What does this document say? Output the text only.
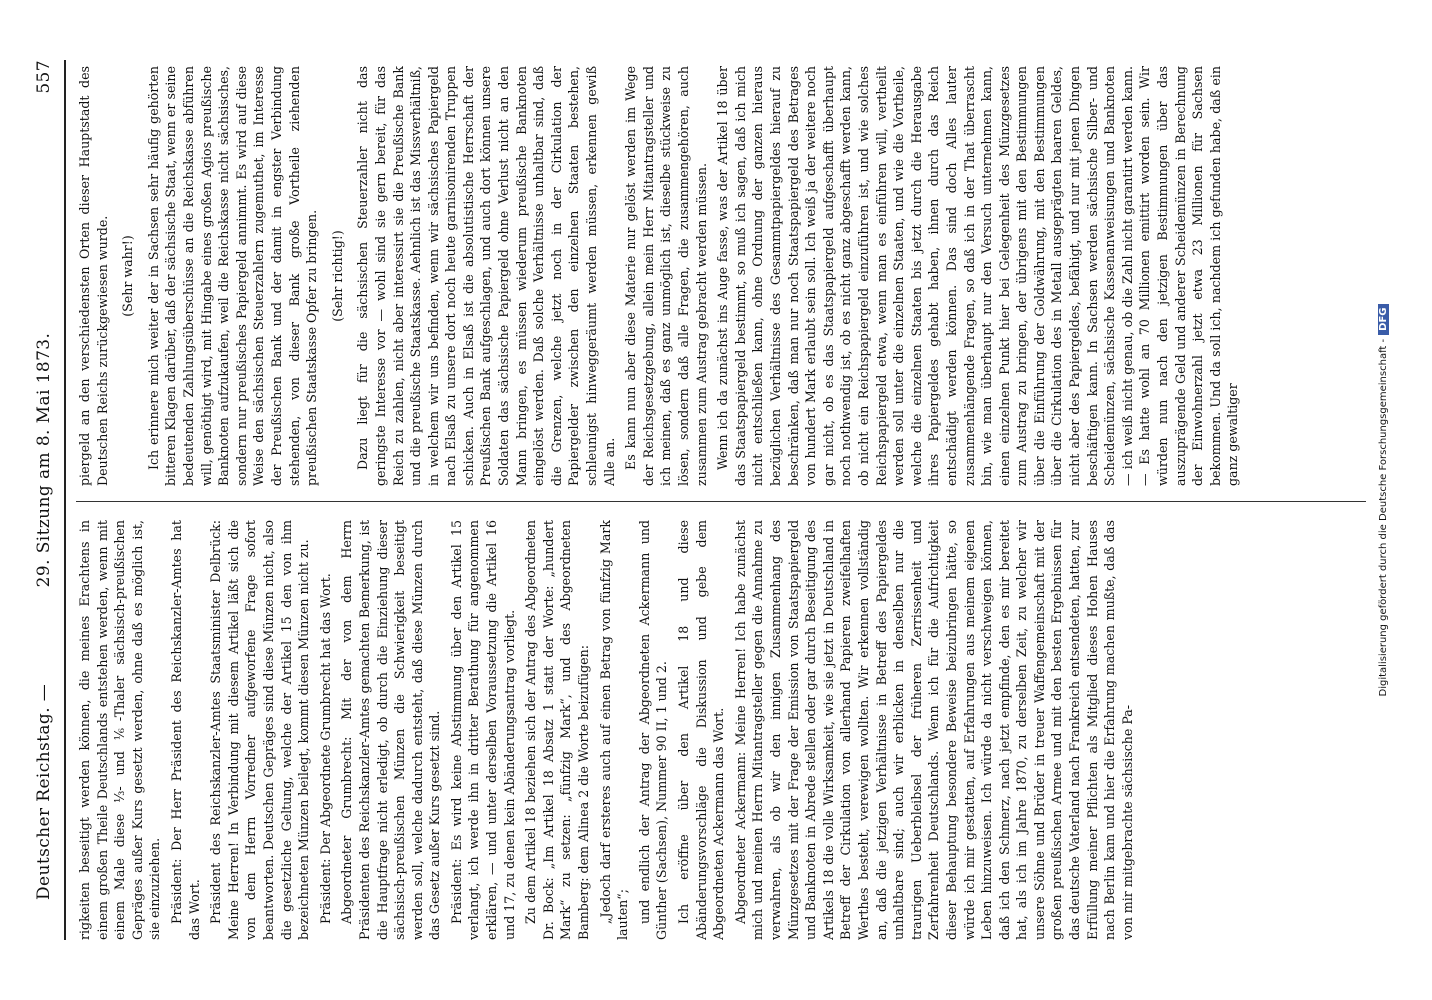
Deutscher Reichstag. —
29. Sitzung am 8. Mai 1873.
557

rigkeiten beseitigt werden können, die meines Erachtens in einem großen Theile Deutschlands entstehen werden, wenn mit einem Male diese ⅓- und ⅙-Thaler sächsisch-preußischen Gepräges außer Kurs gesetzt werden, ohne daß es möglich ist, sie einzuziehen. Präsident: Der Herr Präsident des Reichskanzler-Amtes hat das Wort. Präsident des Reichskanzler-Amtes Staatsminister Delbrück: Meine Herren! In Verbindung mit diesem Artikel läßt sich die von dem Herrn Vorredner aufgeworfene Frage sofort beantworten. Deutschen Gepräges sind diese Münzen nicht, also die gesetzliche Geltung, welche der Artikel 15 den von ihm bezeichneten Münzen beilegt, kommt diesen Münzen nicht zu. Präsident: Der Abgeordnete Grumbrecht hat das Wort. Abgeordneter Grumbrecht: Mit der von dem Herrn Präsidenten des Reichskanzler-Amtes gemachten Bemerkung, ist die Hauptfrage nicht erledigt, ob durch die Einziehung dieser sächsisch-preußischen Münzen die Schwierigkeit beseitigt werden soll, welche dadurch entsteht, daß diese Münzen durch das Gesetz außer Kurs gesetzt sind. Präsident: Es wird keine Abstimmung über den Artikel 15 verlangt, ich werde ihn in dritter Berathung für angenommen erklären, — und unter derselben Voraussetzung die Artikel 16 und 17, zu denen kein Abänderungsantrag vorliegt. Zu dem Artikel 18 beziehen sich der Antrag des Abgeordneten Dr. Bock: „Im Artikel 18 Absatz 1 statt der Worte: „hundert Mark“ zu setzen: „fünfzig Mark“, und des Abgeordneten Bamberg: dem Alinea 2 die Worte beizufügen: „Jedoch darf ersteres auch auf einen Betrag von fünfzig Mark lauten“; und endlich der Antrag der Abgeordneten Ackermann und Günther (Sachsen), Nummer 90 II, 1 und 2. Ich eröffne über den Artikel 18 und diese Abänderungsvorschläge die Diskussion und gebe dem Abgeordneten Ackermann das Wort. Abgeordneter Ackermann: Meine Herren! Ich habe zunächst mich und meinen Herrn Mitantragsteller gegen die Annahme zu verwahren, als ob wir den innigen Zusammenhang des Münzgesetzes mit der Frage der Emission von Staatspapiergeld und Banknoten in Abrede stellen oder gar durch Beseitigung des Artikels 18 die volle Wirksamkeit, wie sie jetzt in Deutschland in Betreff der Cirkulation von allerhand Papieren zweifelhaften Werthes besteht, verewigen wollten. Wir erkennen vollständig an, daß die jetzigen Verhältnisse in Betreff des Papiergeldes unhaltbare sind; auch wir erblicken in denselben nur die traurigen Ueberbleibsel der früheren Zerrissenheit und Zerfahrenheit Deutschlands. Wenn ich für die Aufrichtigkeit dieser Behauptung besondere Beweise beizubringen hätte, so würde ich mir gestatten, auf Erfahrungen aus meinem eigenen Leben hinzuweisen. Ich würde da nicht verschweigen können, daß ich den Schmerz, nach jetzt empfinde, den es mir bereitet hat, als ich im Jahre 1870, zu derselben Zeit, zu welcher wir unsere Söhne und Brüder in treuer Waffengemeinschaft mit der großen preußischen Armee und mit den besten Ergebnissen für das deutsche Vaterland nach Frankreich entsendeten, hatten, zur Erfüllung meiner Pflichten als Mitglied dieses Hohen Hauses nach Berlin kam und hier die Erfahrung machen mußte, daß das von mir mitgebrachte sächsische Pa-

piergeld an den verschiedensten Orten dieser Hauptstadt des Deutschen Reichs zurückgewiesen wurde. (Sehr wahr!) Ich erinnere mich weiter der in Sachsen sehr häufig gehörten bitteren Klagen darüber, daß der sächsische Staat, wenn er seine bedeutenden Zahlungsüberschüsse an die Reichskasse abführen will, genöthigt wird, mit Hingabe eines großen Agios preußische Banknoten aufzukaufen, weil die Reichskasse nicht sächsisches, sondern nur preußisches Papiergeld annimmt. Es wird auf diese Weise den sächsischen Steuerzahlern zugemuthet, im Interesse der Preußischen Bank und der damit in engster Verbindung stehenden, von dieser Bank große Vortheile ziehenden preußischen Staatskasse Opfer zu bringen. (Sehr richtig!) Dazu liegt für die sächsischen Steuerzahler nicht das geringste Interesse vor — wohl sind sie gern bereit, für das Reich zu zahlen, nicht aber interessirt sie die Preußische Bank und die preußische Staatskasse. Aehnlich ist das Missverhältniß, in welchem wir uns befinden, wenn wir sächsisches Papiergeld nach Elsaß zu unsere dort noch heute garnisonirenden Truppen schicken. Auch in Elsaß ist die absolutistische Herrschaft der Preußischen Bank aufgeschlagen, und auch dort können unsere Soldaten das sächsische Papiergeld ohne Verlust nicht an den Mann bringen, es müssen wiederum preußische Banknoten eingelöst werden. Daß solche Verhältnisse unhaltbar sind, daß die Grenzen, welche jetzt noch in der Cirkulation der Papiergelder zwischen den einzelnen Staaten bestehen, schleunigst hinweggeräumt werden müssen, erkennen gewiß Alle an. Es kann nun aber diese Materie nur gelöst werden im Wege der Reichsgesetzgebung, allein mein Herr Mitantragsteller und ich meinen, daß es ganz unmöglich ist, dieselbe stückweise zu lösen, sondern daß alle Fragen, die zusammengehören, auch zusammen zum Austrag gebracht werden müssen. Wenn ich da zunächst ins Auge fasse, was der Artikel 18 über das Staatspapiergeld bestimmt, so muß ich sagen, daß ich mich nicht entschließen kann, ohne Ordnung der ganzen hieraus bezüglichen Verhältnisse des Gesammtpapiergeldes hierauf zu beschränken, daß man nur noch Staatspapiergeld des Betrages von hundert Mark erlaubt sein soll. Ich weiß ja der weitere noch gar nicht, ob es das Staatspapiergeld aufgeschafft überhaupt noch nothwendig ist, ob es nicht ganz abgeschafft werden kann, ob nicht ein Reichspapiergeld einzuführen ist, und wie solches Reichspapiergeld etwa, wenn man es einführen will, vertheilt werden soll unter die einzelnen Staaten, und wie die Vortheile, welche die einzelnen Staaten bis jetzt durch die Herausgabe ihres Papiergeldes gehabt haben, ihnen durch das Reich entschädigt werden können. Das sind doch Alles lauter zusammenhängende Fragen, so daß ich in der That überrascht bin, wie man überhaupt nur den Versuch unternehmen kann, einen einzelnen Punkt hier bei Gelegenheit des Münzgesetzes zum Austrag zu bringen, der übrigens mit den Bestimmungen über die Einführung der Goldwährung, mit den Bestimmungen über die Cirkulation des in Metall ausgeprägten baaren Geldes, nicht aber des Papiergeldes, befähigt, und nur mit jenen Dingen beschäftigen kann. In Sachsen werden sächsische Silber- und Scheidemünzen, sächsische Kassenanweisungen und Banknoten — ich weiß nicht genau, ob die Zahl nicht garantirt werden kann. — Es hatte wohl an 70 Millionen emittirt worden sein. Wir würden nun nach den jetzigen Bestimmungen über das auszuprägende Geld und anderer Scheidemünzen in Berechnung der Einwohnerzahl jetzt etwa 23 Millionen für Sachsen bekommen. Und da soll ich, nachdem ich gefunden habe, daß ein ganz gewaltiger	Digitalisierung gefördert durch die Deutsche Forschungsgemeinschaft -DFG
